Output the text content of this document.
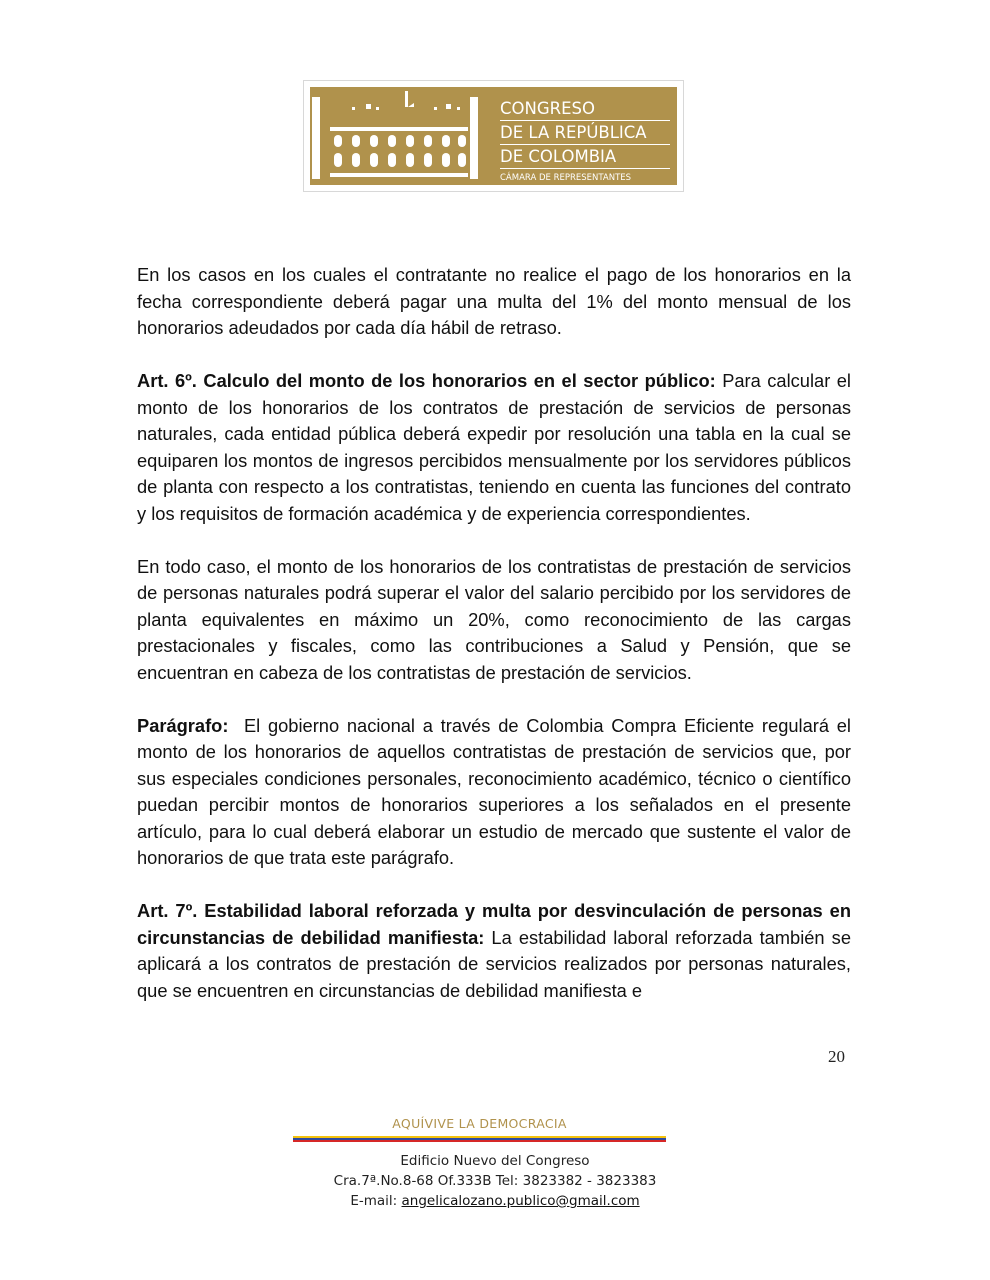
CONGRESO
DE LA REPÚBLICA
DE COLOMBIA
CÁMARA DE REPRESENTANTES

En los casos en los cuales el contratante no realice el pago de los honorarios en la fecha correspondiente deberá pagar una multa del 1% del monto mensual de los honorarios adeudados por cada día hábil de retraso.

Art. 6º. Calculo del monto de los honorarios en el sector público: Para calcular el monto de los honorarios de los contratos de prestación de servicios de personas naturales, cada entidad pública deberá expedir por resolución una tabla en la cual se equiparen los montos de ingresos percibidos mensualmente por los servidores públicos de planta con respecto a los contratistas, teniendo en cuenta las funciones del contrato y los requisitos de formación académica y de experiencia correspondientes.

En todo caso, el monto de los honorarios de los contratistas de prestación de servicios de personas naturales podrá superar el valor del salario percibido por los servidores de planta equivalentes en máximo un 20%, como reconocimiento de las cargas prestacionales y fiscales, como las contribuciones a Salud y Pensión, que se encuentran en cabeza de los contratistas de prestación de servicios.

Parágrafo:  El gobierno nacional a través de Colombia Compra Eficiente regulará el monto de los honorarios de aquellos contratistas de prestación de servicios que, por sus especiales condiciones personales, reconocimiento académico, técnico o científico puedan percibir montos de honorarios superiores a los señalados en el presente artículo, para lo cual deberá elaborar un estudio de mercado que sustente el valor de honorarios de que trata este parágrafo.

Art. 7º. Estabilidad laboral reforzada y multa por desvinculación de personas en circunstancias de debilidad manifiesta: La estabilidad laboral reforzada también se aplicará a los contratos de prestación de servicios realizados por personas naturales, que se encuentren en circunstancias de debilidad manifiesta e

20
AQUÍVIVE LA DEMOCRACIA
Edificio Nuevo del Congreso
Cra.7ª.No.8-68 Of.333B Tel: 3823382 - 3823383
E-mail: angelicalozano.publico@gmail.com
